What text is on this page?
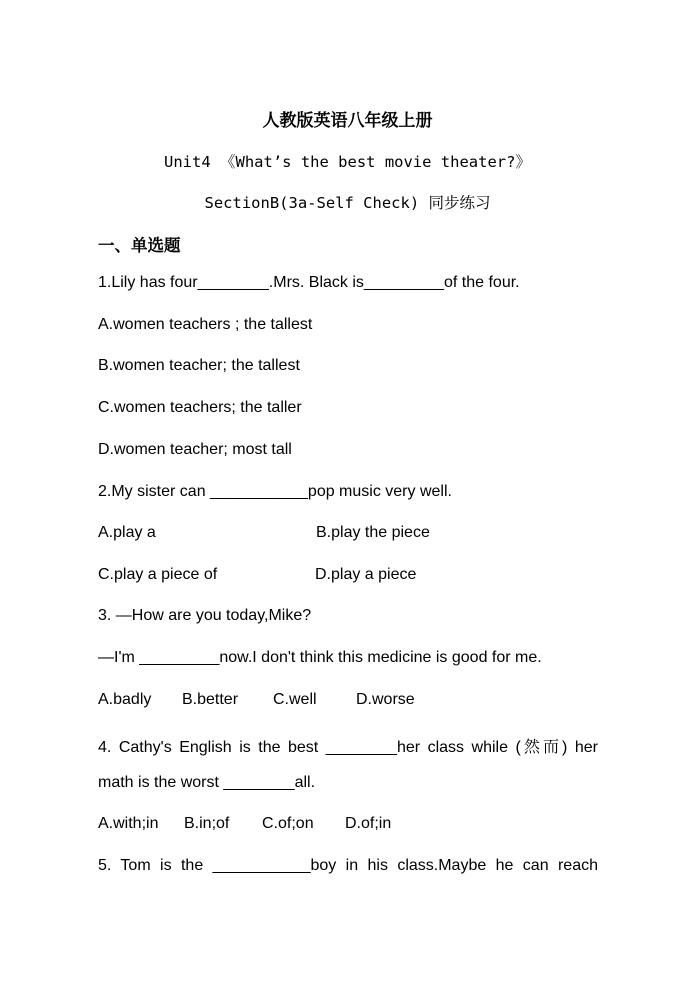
人教版英语八年级上册
Unit4 《What’s the best movie theater?》
SectionB(3a-Self Check) 同步练习
一、单选题
1.Lily has four________.Mrs. Black is_________of the four.
A.women teachers ; the tallest
B.women teacher; the tallest
C.women teachers; the taller
D.women teacher; most tall
2.My sister can ___________pop music very well.
A.play a	B.play the piece
C.play a piece of	D.play a piece
3. —How are you today,Mike?
—I'm _________now.I don't think this medicine is good for me.
A.badly B.better C.well D.worse
4. Cathy's English is the best ________her class while (然而) her
math is the worst ________all.
A.with;in B.in;of C.of;on D.of;in
5. Tom is the ___________boy in his class.Maybe he can reach
